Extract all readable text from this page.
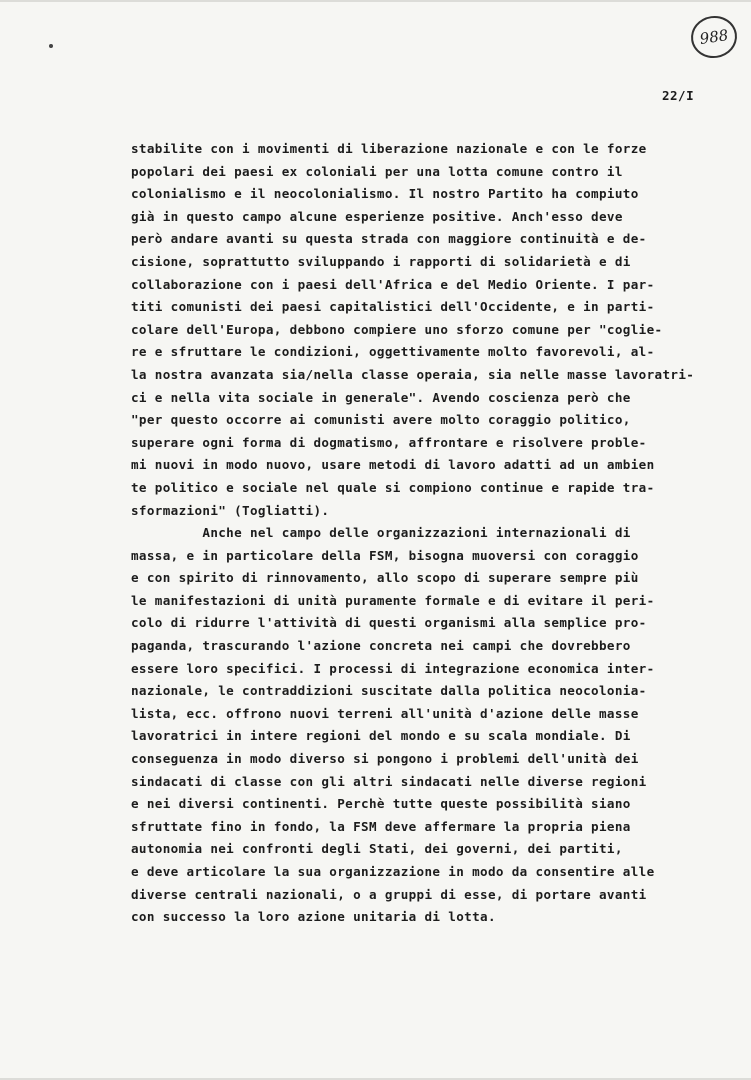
988
22/I
stabilite con i movimenti di liberazione nazionale e con le forze
popolari dei paesi ex coloniali per una lotta comune contro il
colonialismo e il neocolonialismo. Il nostro Partito ha compiuto
già in questo campo alcune esperienze positive. Anch'esso deve
però andare avanti su questa strada con maggiore continuità e de-
cisione, soprattutto sviluppando i rapporti di solidarietà e di
collaborazione con i paesi dell'Africa e del Medio Oriente. I par-
titi comunisti dei paesi capitalistici dell'Occidente, e in parti-
colare dell'Europa, debbono compiere uno sforzo comune per "coglie-
re e sfruttare le condizioni, oggettivamente molto favorevoli, al-
la nostra avanzata sia/nella classe operaia, sia nelle masse lavoratri-
ci e nella vita sociale in generale". Avendo coscienza però che
"per questo occorre ai comunisti avere molto coraggio politico,
superare ogni forma di dogmatismo, affrontare e risolvere proble-
mi nuovi in modo nuovo, usare metodi di lavoro adatti ad un ambien
te politico e sociale nel quale si compiono continue e rapide tra-
sformazioni" (Togliatti).
Anche nel campo delle organizzazioni internazionali di
massa, e in particolare della FSM, bisogna muoversi con coraggio
e con spirito di rinnovamento, allo scopo di superare sempre più
le manifestazioni di unità puramente formale e di evitare il peri-
colo di ridurre l'attività di questi organismi alla semplice pro-
paganda, trascurando l'azione concreta nei campi che dovrebbero
essere loro specifici. I processi di integrazione economica inter-
nazionale, le contraddizioni suscitate dalla politica neocolonia-
lista, ecc. offrono nuovi terreni all'unità d'azione delle masse
lavoratrici in intere regioni del mondo e su scala mondiale. Di
conseguenza in modo diverso si pongono i problemi dell'unità dei
sindacati di classe con gli altri sindacati nelle diverse regioni
e nei diversi continenti. Perchè tutte queste possibilità siano
sfruttate fino in fondo, la FSM deve affermare la propria piena
autonomia nei confronti degli Stati, dei governi, dei partiti,
e deve articolare la sua organizzazione in modo da consentire alle
diverse centrali nazionali, o a gruppi di esse, di portare avanti
con successo la loro azione unitaria di lotta.
